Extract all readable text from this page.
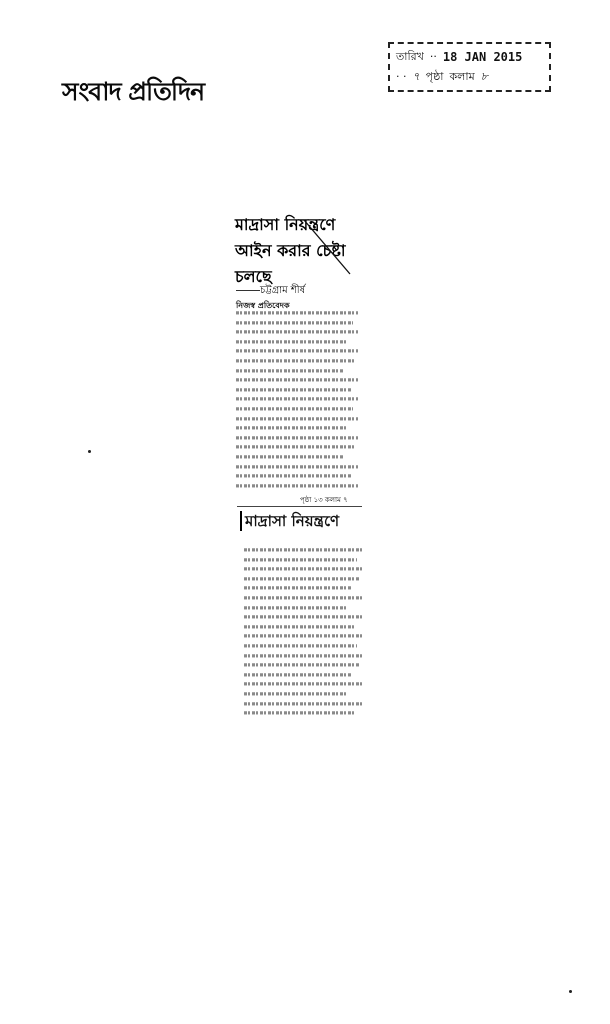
সংবাদ প্রতিদিন
তারিখ ·· 18 JAN 2015
· · ৭ পৃষ্ঠা কলাম ৮
মাদ্রাসা নিয়ন্ত্রণে আইন করার চেষ্টা চলছে
চট্টগ্রাম শীর্ষ
নিজস্ব প্রতিবেদক
পৃষ্ঠা ১৩ কলাম ৭
মাদ্রাসা নিয়ন্ত্রণে
